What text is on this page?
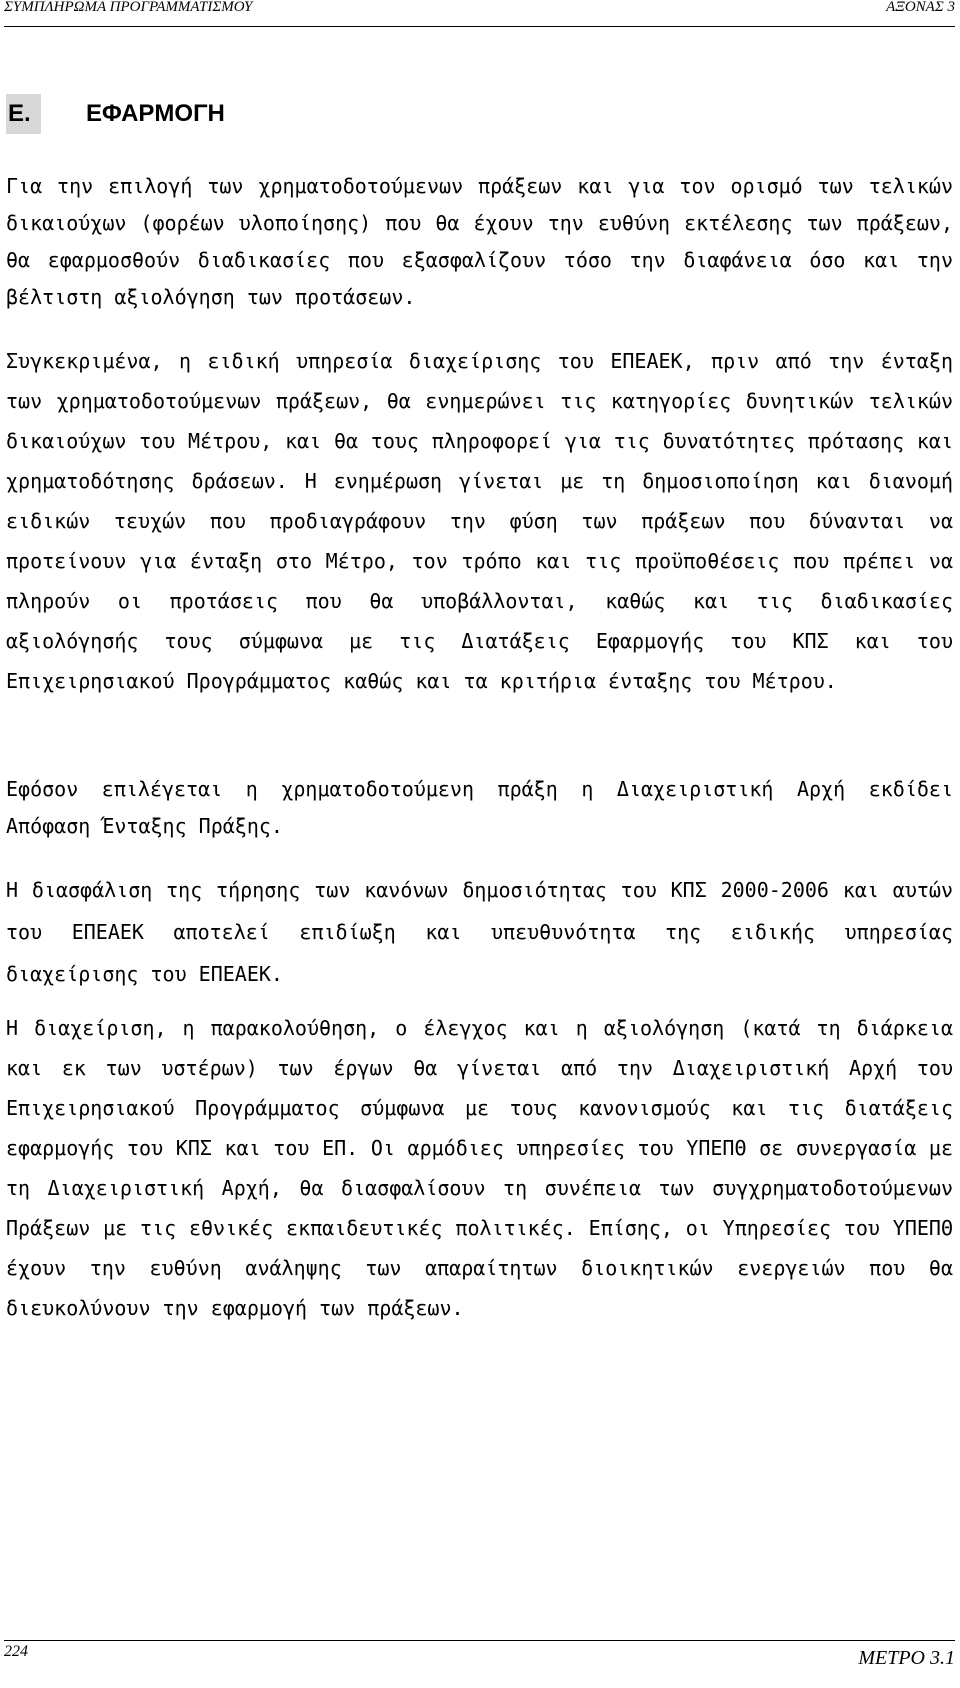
ΣΥΜΠΛΗΡΩΜΑ ΠΡΟΓΡΑΜΜΑΤΙΣΜΟΥ	ΑΞΟΝΑΣ 3
Ε. ΕΦΑΡΜΟΓΗ

Για την επιλογή των χρηματοδοτούμενων πράξεων και για τον ορισμό των τελικών δικαιούχων (φορέων υλοποίησης) που θα έχουν την ευθύνη εκτέλεσης των πράξεων, θα εφαρμοσθούν διαδικασίες που εξασφαλίζουν τόσο την διαφάνεια όσο και την βέλτιστη αξιολόγηση των προτάσεων.

Συγκεκριμένα, η ειδική υπηρεσία διαχείρισης του ΕΠΕΑΕΚ, πριν από την ένταξη των χρηματοδοτούμενων πράξεων, θα ενημερώνει τις κατηγορίες δυνητικών τελικών δικαιούχων του Μέτρου, και θα τους πληροφορεί για τις δυνατότητες πρότασης και χρηματοδότησης δράσεων. Η ενημέρωση γίνεται με τη δημοσιοποίηση και διανομή ειδικών τευχών που προδιαγράφουν την φύση των πράξεων που δύνανται να προτείνουν για ένταξη στο Μέτρο, τον τρόπο και τις προϋποθέσεις που πρέπει να πληρούν οι προτάσεις που θα υποβάλλονται, καθώς και τις διαδικασίες αξιολόγησής τους σύμφωνα με τις Διατάξεις Εφαρμογής του ΚΠΣ και του Επιχειρησιακού Προγράμματος καθώς και τα κριτήρια ένταξης του Μέτρου.

Εφόσον επιλέγεται η χρηματοδοτούμενη πράξη η Διαχειριστική Αρχή εκδίδει Απόφαση Ένταξης Πράξης.

Η διασφάλιση της τήρησης των κανόνων δημοσιότητας του ΚΠΣ 2000-2006 και αυτών του ΕΠΕΑΕΚ αποτελεί επιδίωξη και υπευθυνότητα της ειδικής υπηρεσίας διαχείρισης του ΕΠΕΑΕΚ.

Η διαχείριση, η παρακολούθηση, ο έλεγχος και η αξιολόγηση (κατά τη διάρκεια και εκ των υστέρων) των έργων θα γίνεται από την Διαχειριστική Αρχή του Επιχειρησιακού Προγράμματος σύμφωνα με τους κανονισμούς και τις διατάξεις εφαρμογής του ΚΠΣ και του ΕΠ. Οι αρμόδιες υπηρεσίες του ΥΠΕΠΘ σε συνεργασία με τη Διαχειριστική Αρχή, θα διασφαλίσουν τη συνέπεια των συγχρηματοδοτούμενων Πράξεων με τις εθνικές εκπαιδευτικές πολιτικές. Επίσης, οι Υπηρεσίες του ΥΠΕΠΘ έχουν την ευθύνη ανάληψης των απαραίτητων διοικητικών ενεργειών που θα διευκολύνουν την εφαρμογή των πράξεων.

224	ΜΕΤΡΟ 3.1
